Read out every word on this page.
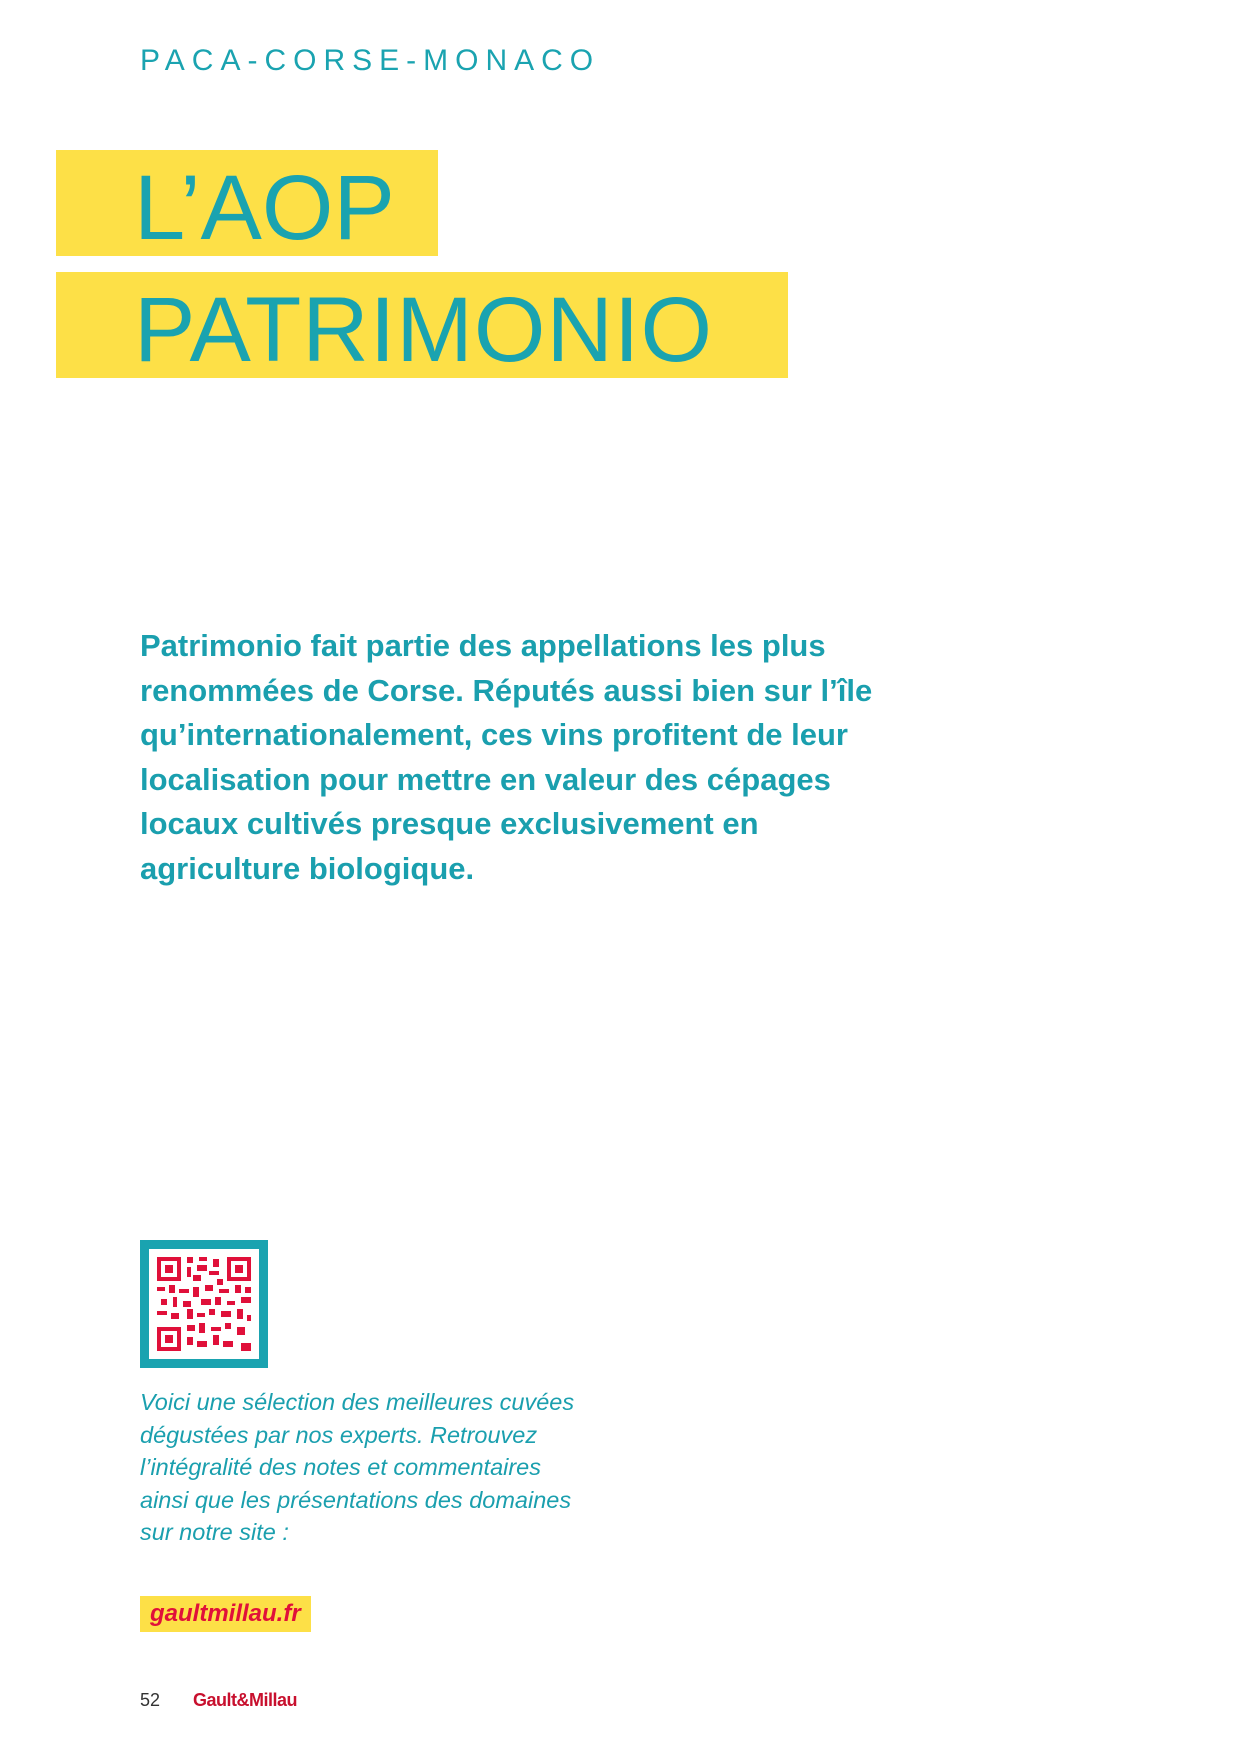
PACA-CORSE-MONACO
L’AOP
PATRIMONIO

Patrimonio fait partie des appellations les plus renommées de Corse. Réputés aussi bien sur l’île qu’internationalement, ces vins profitent de leur localisation pour mettre en valeur des cépages locaux cultivés presque exclusivement en agriculture biologique.

Voici une sélection des meilleures cuvées dégustées par nos experts. Retrouvez l’intégralité des notes et commentaires ainsi que les présentations des domaines sur notre site :

gaultmillau.fr
52 Gault&Millau
